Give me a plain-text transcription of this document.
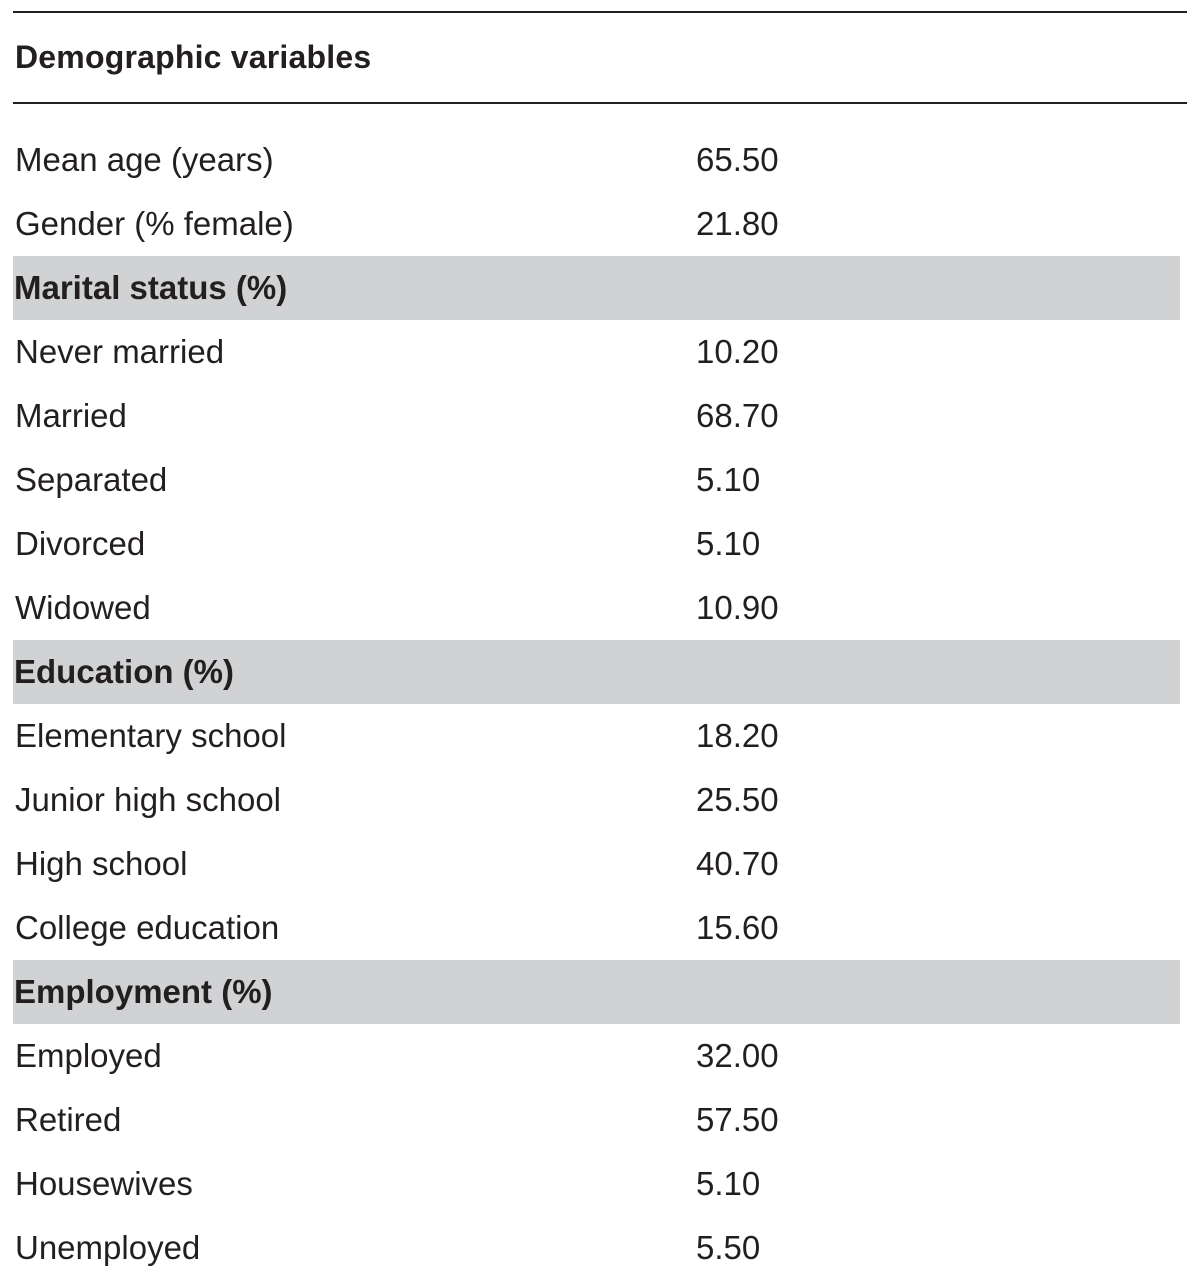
Demographic variables
Mean age (years)	65.50
Gender (% female)	21.80
Marital status (%)
Never married	10.20
Married	68.70
Separated	5.10
Divorced	5.10
Widowed	10.90
Education (%)
Elementary school	18.20
Junior high school	25.50
High school	40.70
College education	15.60
Employment (%)
Employed	32.00
Retired	57.50
Housewives	5.10
Unemployed	5.50
